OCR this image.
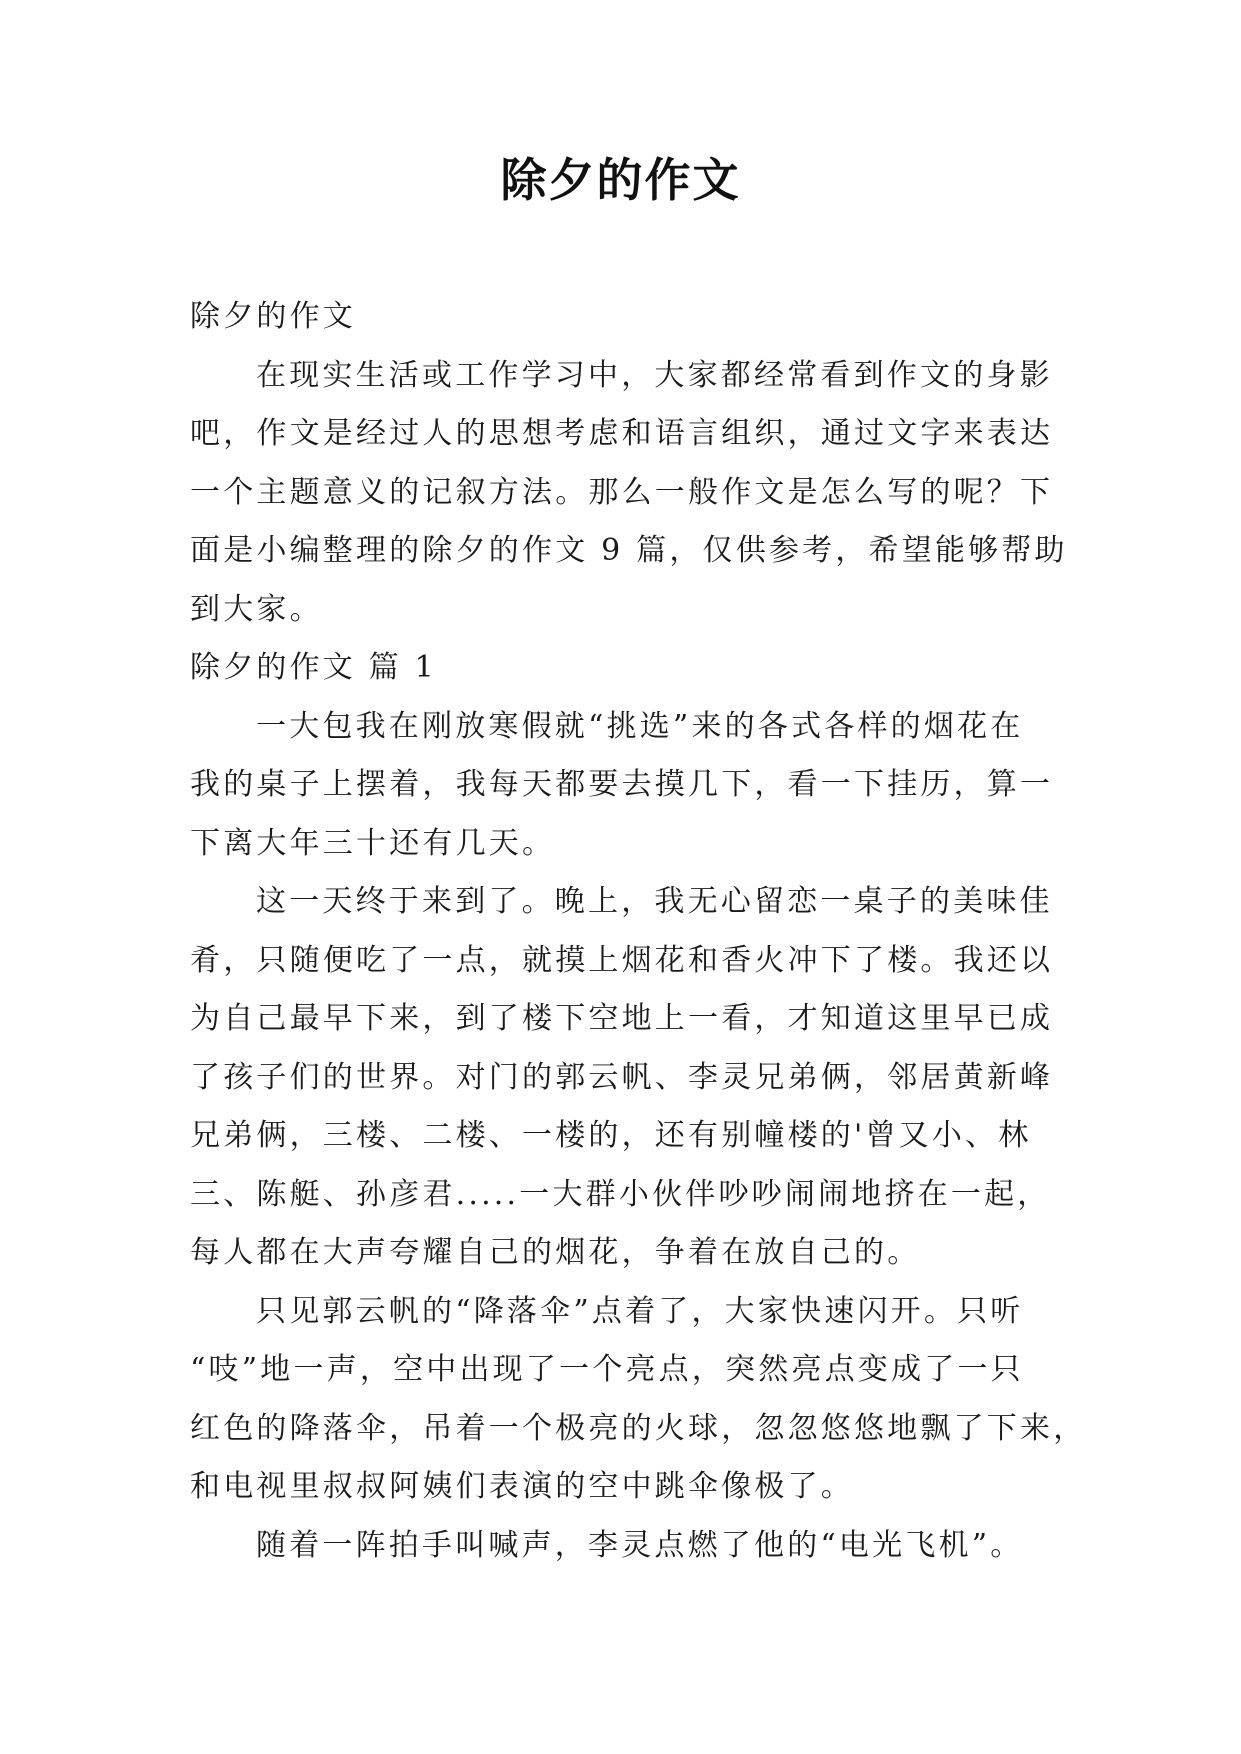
除夕的作文
除夕的作文
在现实生活或工作学习中，大家都经常看到作文的身影
吧，作文是经过人的思想考虑和语言组织，通过文字来表达
一个主题意义的记叙方法。那么一般作文是怎么写的呢？下
面是小编整理的除夕的作文 9 篇，仅供参考，希望能够帮助
到大家。
除夕的作文 篇 1
一大包我在刚放寒假就“挑选”来的各式各样的烟花在
我的桌子上摆着，我每天都要去摸几下，看一下挂历，算一
下离大年三十还有几天。
这一天终于来到了。晚上，我无心留恋一桌子的美味佳
肴，只随便吃了一点，就摸上烟花和香火冲下了楼。我还以
为自己最早下来，到了楼下空地上一看，才知道这里早已成
了孩子们的世界。对门的郭云帆、李灵兄弟俩，邻居黄新峰
兄弟俩，三楼、二楼、一楼的，还有别幢楼的'曾又小、林
三、陈艇、孙彦君.....一大群小伙伴吵吵闹闹地挤在一起，
每人都在大声夸耀自己的烟花，争着在放自己的。
只见郭云帆的“降落伞”点着了，大家快速闪开。只听
“吱”地一声，空中出现了一个亮点，突然亮点变成了一只
红色的降落伞，吊着一个极亮的火球，忽忽悠悠地飘了下来，
和电视里叔叔阿姨们表演的空中跳伞像极了。
随着一阵拍手叫喊声，李灵点燃了他的“电光飞机”。
